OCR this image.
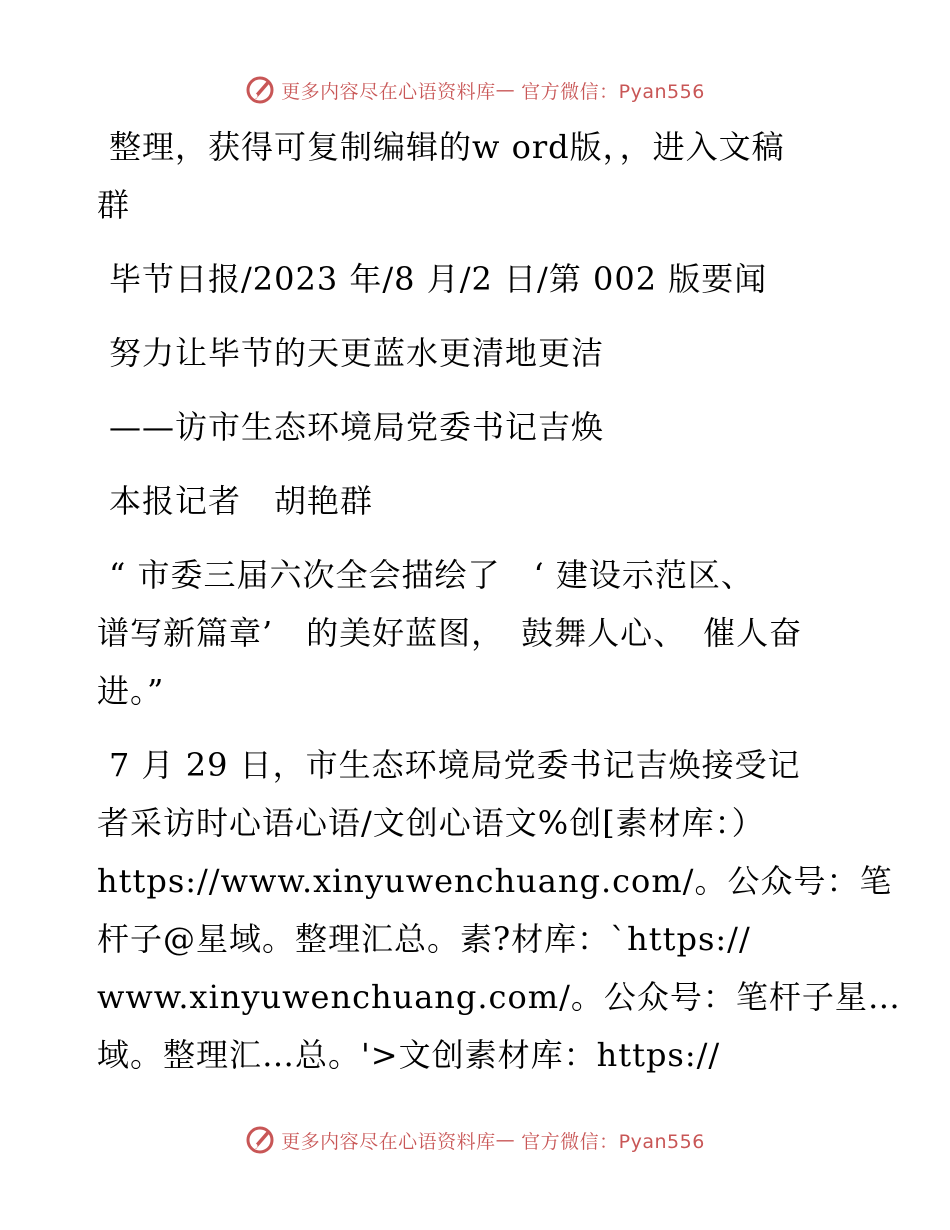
更多内容尽在心语资料库 — 官方微信：Pyan556
整理，获得可复制编辑的w ord版，，进入文稿
群
毕节日报/2023 年/8 月/2 日/第 002 版要闻
努力让毕节的天更蓝水更清地更洁
——访市生态环境局党委书记吉焕
本报记者　胡艳群
“ 市委三届六次全会描绘了　‘ 建设示范区、
谱写新篇章’　的美好蓝图，　鼓舞人心、　催人奋
进。”
7 月 29 日，市生态环境局党委书记吉焕接受记
者采访时心语心语/文创心语文%创[素材库：）
https://www.xinyuwenchuang.com/。公众号：笔
杆子@星域。整理汇总。素?材库：`https://
www.xinyuwenchuang.com/。公众号：笔杆子星…
域。整理汇…总。'>文创素材库：https://
更多内容尽在心语资料库 — 官方微信：Pyan556
